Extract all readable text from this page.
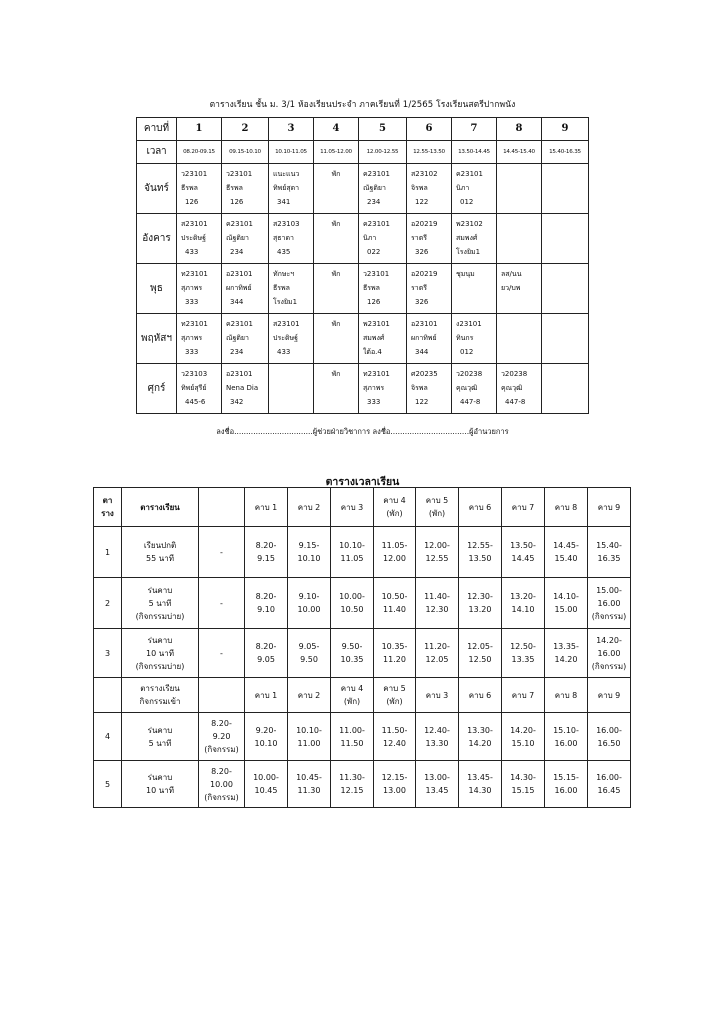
ตารางเรียน ชั้น ม. 3/1 ห้องเรียนประจำ ภาคเรียนที่ 1/2565 โรงเรียนสตรีปากพนัง
คาบที่	1	2	3	4	5	6	7	8	9
เวลา	08.20-09.15	09.15-10.10	10.10-11.05	11.05-12.00	12.00-12.55	12.55-13.50	13.50-14.45	14.45-15.40	15.40-16.35
จันทร์	ว23101
ธีรพล
126	ว23101
ธีรพล
126	แนะแนว
ทิพย์สุดา
341	พัก	ค23101
ณัฐติยา
234	ส23102
จิรพล
122	ค23101
นิภา
012		

อังคาร	ส23101
ประดิษฐ์
433	ค23101
ณัฐติยา
234	ส23103
สุธาดา
435	พัก	ค23101
นิภา
022	อ20219
ราตรี
326	พ23102
สมพงศ์
โรงยิม1		

พุธ	ท23101
สุภาพร
333	อ23101
ผกาทิพย์
344	ทักษะฯ
ธีรพล
โรงยิม1	พัก	ว23101
ธีรพล
126	อ20219
ราตรี
326	ชุมนุม	ลส/นน
ยว/บพ	

พฤหัสฯ	ท23101
สุภาพร
333	ค23101
ณัฐติยา
234	ส23101
ประดิษฐ์
433	พัก	พ23101
สมพงศ์
ใต้อ.4	อ23101
ผกาทิพย์
344	ง23101
ทินกร
012		

ศุกร์	ว23103
ทิพย์สุรีย์
445-6	อ23101
Nena Dia
342		พัก	ท23101
สุภาพร
333	ศ20235
จิรพล
122	ว20238
คุณวุฒิ
447-8	ว20238
คุณวุฒิ
447-8	

ลงชื่อ.................................ผู้ช่วยฝ่ายวิชาการ ลงชื่อ.................................ผู้อำนวยการ
ตารางเวลาเรียน
ตา
ราง	ตารางเรียน		คาบ 1	คาบ 2	คาบ 3	คาบ 4
(พัก)	คาบ 5
(พัก)	คาบ 6	คาบ 7	คาบ 8	คาบ 9

1	เรียนปกติ
55 นาที	-	8.20-
9.15	9.15-
10.10	10.10-
11.05	11.05-
12.00	12.00-
12.55	12.55-
13.50	13.50-
14.45	14.45-
15.40	15.40-
16.35

2	ร่นคาบ
5 นาที
(กิจกรรมบ่าย)	-	8.20-
9.10	9.10-
10.00	10.00-
10.50	10.50-
11.40	11.40-
12.30	12.30-
13.20	13.20-
14.10	14.10-
15.00	15.00-
16.00
(กิจกรรม)

3	ร่นคาบ
10 นาที
(กิจกรรมบ่าย)	-	8.20-
9.05	9.05-
9.50	9.50-
10.35	10.35-
11.20	11.20-
12.05	12.05-
12.50	12.50-
13.35	13.35-
14.20	14.20-
16.00
(กิจกรรม)

	ตารางเรียน
กิจกรรมเข้า		คาบ 1	คาบ 2	คาบ 4
(พัก)	คาบ 5
(พัก)	คาบ 3	คาบ 6	คาบ 7	คาบ 8	คาบ 9

4	ร่นคาบ
5 นาที	8.20-
9.20
(กิจกรรม)	9.20-
10.10	10.10-
11.00	11.00-
11.50	11.50-
12.40	12.40-
13.30	13.30-
14.20	14.20-
15.10	15.10-
16.00	16.00-
16.50

5	ร่นคาบ
10 นาที	8.20-
10.00
(กิจกรรม)	10.00-
10.45	10.45-
11.30	11.30-
12.15	12.15-
13.00	13.00-
13.45	13.45-
14.30	14.30-
15.15	15.15-
16.00	16.00-
16.45
